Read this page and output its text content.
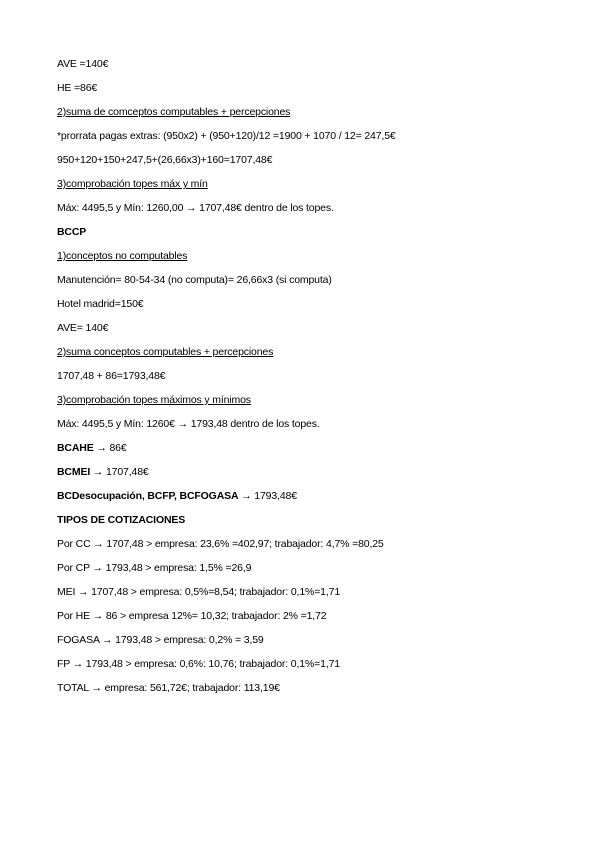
AVE =140€
HE =86€
2)suma de comceptos computables + percepciones
*prorrata pagas extras: (950x2) + (950+120)/12 =1900 + 1070 / 12= 247,5€
950+120+150+247,5+(26,66x3)+160=1707,48€
3)comprobación topes máx y mín
Máx: 4495,5 y Mín: 1260,00 → 1707,48€ dentro de los topes.
BCCP
1)conceptos no computables
Manutención= 80-54-34 (no computa)= 26,66x3 (si computa)
Hotel madrid=150€
AVE= 140€
2)suma conceptos computables + percepciones
1707,48 + 86=1793,48€
3)comprobación topes máximos y mínimos
Máx: 4495,5 y Mín: 1260€ → 1793,48 dentro de los topes.
BCAHE → 86€
BCMEI → 1707,48€
BCDesocupación, BCFP, BCFOGASA → 1793,48€
TIPOS DE COTIZACIONES
Por CC → 1707,48 > empresa: 23,6% =402,97; trabajador: 4,7% =80,25
Por CP → 1793,48 > empresa: 1,5% =26,9
MEI → 1707,48 > empresa: 0,5%=8,54; trabajador: 0,1%=1,71
Por HE → 86 > empresa 12%= 10,32; trabajador: 2% =1,72
FOGASA → 1793,48 > empresa: 0,2% = 3,59
FP → 1793,48 > empresa: 0,6%: 10,76; trabajador: 0,1%=1,71
TOTAL → empresa: 561,72€; trabajador: 113,19€
